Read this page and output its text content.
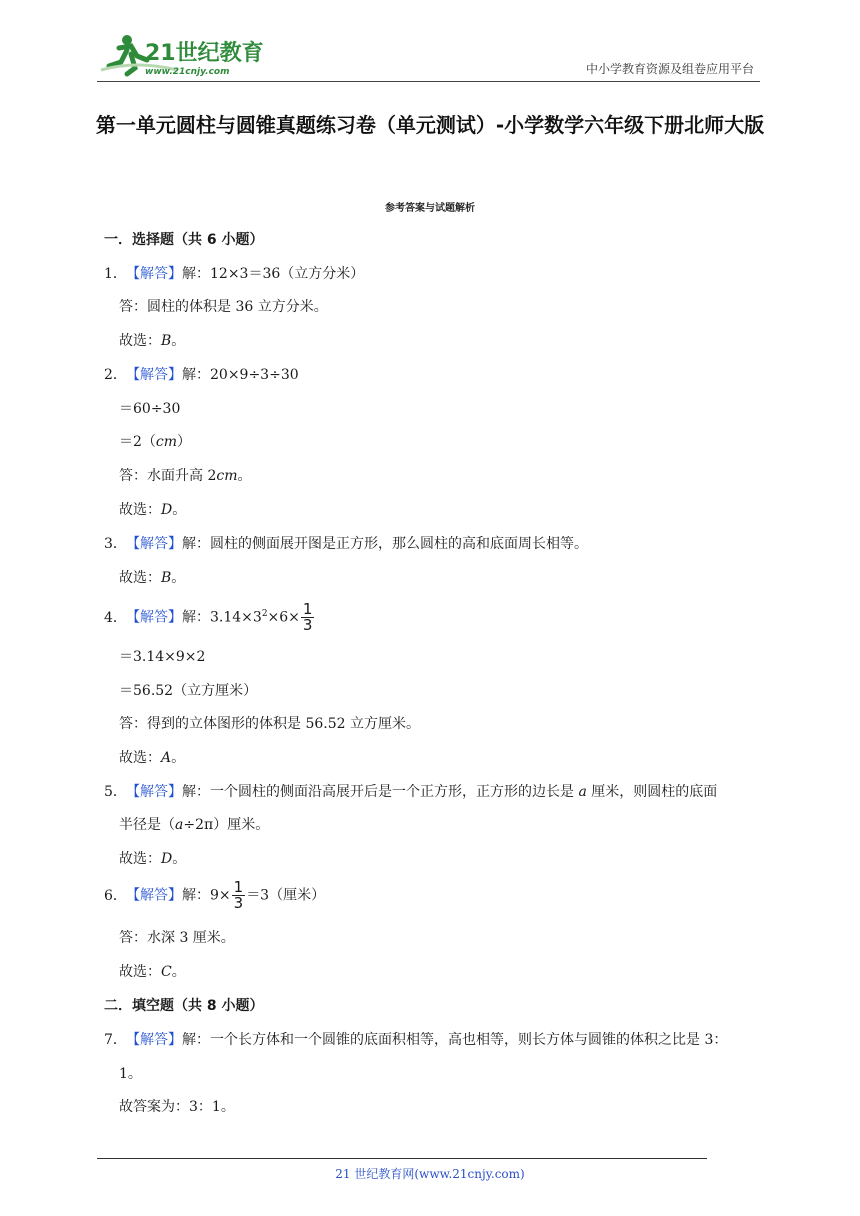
21世纪教育
www.21cnjy.com	中小学教育资源及组卷应用平台
第一单元圆柱与圆锥真题练习卷（单元测试）-小学数学六年级下册北师大版
参考答案与试题解析
一．选择题（共 6 小题）
1．【解答】解：12×3＝36（立方分米）
答：圆柱的体积是 36 立方分米。
故选：B。
2．【解答】解：20×9÷3÷30
＝60÷30
＝2（cm）
答：水面升高 2cm。
故选：D。
3．【解答】解：圆柱的侧面展开图是正方形，那么圆柱的高和底面周长相等。
故选：B。
4．【解答】解：$3.14\times 3^2\times 6\times \frac{1}{3}$
＝3.14×9×2
＝56.52（立方厘米）
答：得到的立体图形的体积是 56.52 立方厘米。
故选：A。
5．【解答】解：一个圆柱的侧面沿高展开后是一个正方形，正方形的边长是 a 厘米，则圆柱的底面
半径是（a÷2π）厘米。
故选：D。
6．【解答】解：$9\times \frac{1}{3} =3$（厘米）
答：水深 3 厘米。
故选：C。
二．填空题（共 8 小题）
7．【解答】解：一个长方体和一个圆锥的底面积相等，高也相等，则长方体与圆锥的体积之比是 3：
1。
故答案为：3：1。
21 世纪教育网(www.21cnjy.com)
